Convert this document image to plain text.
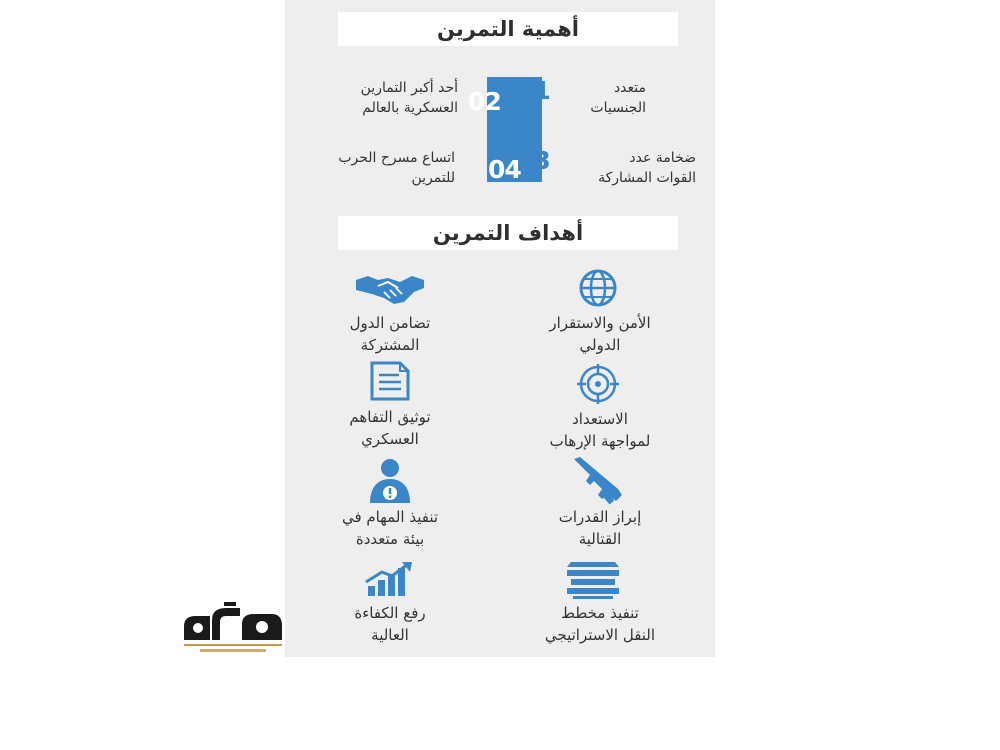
أهمية التمرين
01
02
03
04
متعدد
الجنسيات
أحد أكبر التمارين
العسكرية بالعالم
ضخامة عدد
القوات المشاركة
اتساع مسرح الحرب
للتمرين
أهداف التمرين
الأمن والاستقرار
الدولي
تضامن الدول
المشتركة
الاستعداد
لمواجهة الإرهاب
توثيق التفاهم
العسكري
إبراز القدرات
القتالية
تنفيذ المهام في
بيئة متعددة
تنفيذ مخطط
النقل الاستراتيجي
رفع الكفاءة
العالية
